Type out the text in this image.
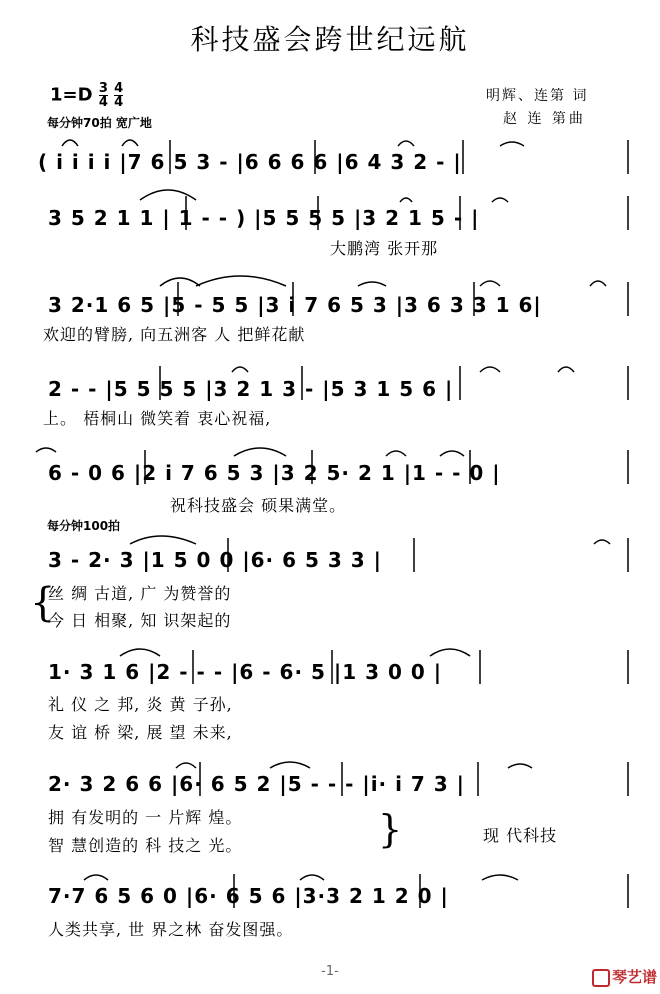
科技盛会跨世纪远航
$1=D \frac{3}{4}$
$\frac{4}{4}$
每分钟70拍 宽广地
明辉、连第 词
赵 连 第曲
( i i i i |7 6 5 3 - |6 6 6 6 |6 4 3 2 - |
3 5 2 1 1 | 1 - - ) |5 5 5 5 |3 2 1 5 - |
大鹏湾 张开那
3 2·1 6 5 |5 - 5 5 |3 i 7 6 5 3 |3 6 3 3 1 6|
欢迎的臂膀, 向五洲客 人 把鲜花献
2 - - |5 5 5 5 |3 2 1 3 - |5 3 1 5 6 |
上。 梧桐山 微笑着 衷心祝福,
6 - 0 6 |2 i 7 6 5 3 |3 2 5· 2 1 |1 - - 0 |
祝科技盛会 硕果满堂。
每分钟100拍
3 - 2· 3 |1 5 0 0 |6· 6 5 3 3 |
丝 绸 古道, 广 为赞誉的
今 日 相聚, 知 识架起的
{
1· 3 1 6 |2 - - - |6 - 6· 5 |1 3 0 0 |
礼 仪 之 邦, 炎 黄 子孙,
友 谊 桥 梁, 展 望 未来,
2· 3 2 6 6 |6· 6 5 2 |5 - - - |i· i 7 3 |
拥 有发明的 一 片辉 煌。
智 慧创造的 科 技之 光。	}	现 代科技
7·7 6 5 6 0 |6· 6 5 6 |3·3 2 1 2 0 |
人类共享, 世 界之林 奋发图强。
-1-	琴艺谱
